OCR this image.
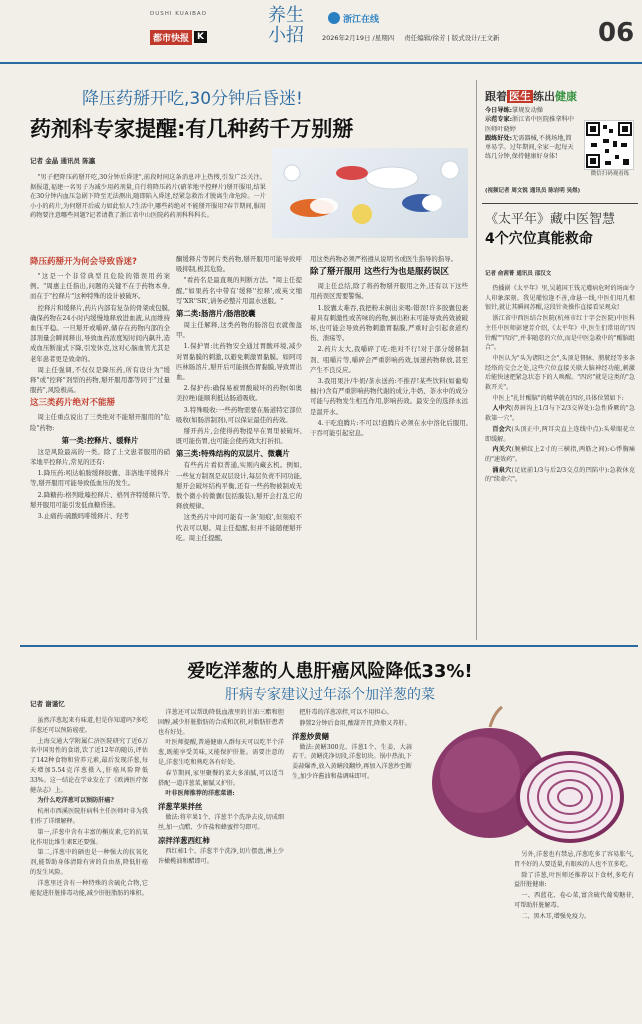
DUSHI KUAIBAO
都市快报 K
养生
小招
浙江在线
2026年2月19日 /星期四 责任编辑/徐芳 | 版式设计/王文新	06
降压药掰开吃,30分钟后昏迷!
药剂科专家提醒:有几种药千万别掰
记者 金晶 通讯员 陈瀛

"男子把降压药掰开吃,30分钟后昏迷",前段时间这条消息冲上热搜,引发广泛关注。据报道,福建一名男子为减少用药剂量,自行将降压药片(硝苯地平控释片)掰开服用,结果在30分钟内血压急剧下降至无法测出,随即陷入昏迷,经紧急救治才脱离生命危险。一片小小的药片,为何掰开后威力如此惊人?生活中,哪些药绝对不能掰开服用?春节期间,服用药物要注意哪些问题?记者请教了浙江省中山医院药药剂科科科长。

降压药掰开为何会导致昏迷?

"这是一个非常典型且危险的错误用药案例。"周惠主任指出,问题的关键不在于药物本身,而在于"控释片"这种特殊的设计被破坏。

控释片和缓释片,药片内部有复杂的骨架或包膜,确保药物在24小时内缓慢地释放进血液,从而维持血压平稳。一旦掰开或嚼碎,储存在药物内部的全部剂量会瞬间释出,导致血药浓度短时间内飙升,造成血压断崖式下降,引发休克,这对心脑血管尤其是老年患者更是致命的。

周主任强调,不仅仅是降压药,所有设计为"缓释"或"控释"剂型的药物,掰开服用都等同于"过量服药",风险极高。

这三类药片绝对不能掰

周主任重点说出了三类绝对不能掰开服用的"危险"药物:

第一类:控释片、缓释片

这是风险最高的一类。除了上文患者服用的硝苯地平控释片,常见的还有:

1.降压药:吲达帕胺缓释胶囊、非洛地平缓释片等,掰开服用可能导致低血压的发生。

2.降糖药:格列吡嗪控释片、格列齐特缓释片等,掰开服用可能引发低血糖昏迷。

3.止痛药:硫酸吗啡缓释片、羟考

酮缓释片等阿片类药物,掰开服用可能导致呼吸抑制,极其危险。

"看药名是最直观的判断方法。"周主任提醒,"如果药名中带有'缓释''控释',或英文缩写'XR''SR',请务必整片用温水送服。"

第二类:肠溶片/肠溶胶囊

周主任解释,这类药物的肠溶包衣就像盔甲。

1.保护胃:比药物安全通过胃酸环境,减少对胃黏膜的刺激,以避免刺激胃黏膜。如阿司匹林肠溶片,掰开后可能损伤胃黏膜,导致胃出血。

2.保护药:确保易被胃酸破坏的药物(如奥美拉唑)能顺利抵达肠道吸收。

3.特殊吸收:一些药物需要在肠道特定部位吸收(如肠溶制剂),可以保证最佳的药效。

掰开药片,会使得药物提早在胃里被破坏,既可能伤胃,也可能会使药效大打折扣。

第三类:特殊结构的双层片、微囊片

有些药片看似普通,实则内藏玄机。例如,一些复方制剂是双层设计,每层负责不同功能,掰开会破坏结构平衡,还有一些药物被制成无数个微小的微囊(包括膜装),掰开会打乱它的释放规律。

这类药片中间可能有一条'刻痕',但刻痕不代表可以掰。周主任提醒,但并不能随便掰开吃。周主任提醒,

用这类药物必须严格遵从说明书或医生指导的指导。

除了掰开服用 这些行为也是服药误区

周主任总结,除了将药物掰开服用之外,还有以下这些用药误区需要警惕。

1.胶囊太难吞,我把粉末倒出来喝:错误!许多胶囊包裹着具有刺激性或苦味的药物,倒出粉末可能导致药效被破坏,也可能会导致药物刺激胃黏膜,严重时会引起食道灼伤、溃疡等。

2.药片太大,我嚼碎了吃:绝对不行!对于部分缓释制剂、咀嚼片等,嚼碎会严重影响药效,加速药物释放,甚至产生不良反应。

3.我用果汁/牛奶/茶水送药:不推荐!某些饮料(如葡萄柚汁)含有严重影响药物代谢的成分,牛奶、茶水中的成分可能与药物发生相互作用,影响药效。最安全的选择永远是温开水。

4.干吃泡腾片:不可以!泡腾片必须在水中溶化后服用,干吞可能引起窒息。

跟着 医生 练出健康
今日导练:掌规发动操
示范专家:浙江省中医院推拿科中医师叶晓婷
跟练好处:无需器械,不挑场地,简单易学。过年期间,全家一起每天练几分钟,保持健康好身体!
微信扫码观看练
(视频记者 周文锐 通讯员 陈岩明 吴煜)
《太平年》藏中医智慧
4个穴位真能救命
记者 俞茜菁 通讯员 邵汉文

热播剧《太平年》里,吴越国王钱元瓘病危时的场面令人印象深刻。我见瓘惊逢不善,命悬一线,中医们用几根银针,就让其瞬间苏醒,这段针灸操作直接看呆观众!

浙江省中西医结合医院(杭州市红十字会医院)中医科主任中医师彭建芳介绍,《太平年》中,医生们常用的"四针醒""四窍",并非随意的穴位,而是中医急救中的"醒脑组合"。

中医认为"头为诸阳之会",头顶是督脉、膀胱经等多条经络的交会之处,这些穴位直接关联大脑神经功能,刺激后能快速把紧急状态下的人唤醒。"四窍"就是这类的"急救开关"。

中医上"扎针醒脑"的精华就在四窍,具体位置如下:

人中穴(鼻唇沟上1/3与下2/3交界处):急性昏厥的"急救第一穴"。

百会穴(头顶正中,两耳尖直上连线中点):头晕眼花立即缓解。

内关穴(腕横纹上2寸的三横指,两筋之间):心悸胸痛的"速效药"。

涌泉穴(足底前1/3与后2/3交点的凹陷中):急救休克的"续命穴"。

爱吃洋葱的人患肝癌风险降低33%!
肝病专家建议过年添个加洋葱的菜
记者 谢谨忆

虽然洋葱起来有味道,但是你知道吗?多吃洋葱还可以预防癌症。

上海交通大学附属仁济医院研究了近6万名中国男性的食谱,饮了近12年的随访,评估了142种食物和营养元素,最后发现洋葱,每天增加5.54克洋葱摄入,肝癌风险降低33%。这一结论在学业发在了《欧洲医疗保健杂志》上。

为什么吃洋葱可以预防肝癌?

杭州市西溪医院肝病科主任医师叶非为我们作了详细解释。

第一,洋葱中含有丰富的槲皮素,它的抗氧化作用比维生素E还要强。

第二,洋葱中的硒也是一种强大的抗氧化剂,能帮助身体清除有害的自由基,降低肝癌的发生风险。

洋葱里还含有一种特殊的含硫化合物,它能促进肝脏排毒功能,减少肝脏脂肪的堆积。

洋葱还可以帮助降低血液里的甘油三酯和胆固醇,减少肝脏脂肪的合成和沉积,对脂肪肝患者也有好处。

叶医师提醒,普通健康人群每天可以吃半个洋葱,既能享受美味,又能保护肝脏。需要注意的是,洋葱生吃和熟吃各有好处。

春节期间,家里聚餐的菜大多油腻,可以适当搭配一道洋葱菜,解腻又护肝。

叶非医师推荐的洋葱菜谱:

洋葱苹果拌丝

做法:将苹果1个、洋葱半个洗净去皮,切成细丝,加一点醋、少许盐和蜂蜜拌匀即可。

凉拌洋葱西红柿

西红柿1个、洋葱半个洗净,切片摆盘,淋上少许橄榄油和醋即可。

把肝毒的洋葱凉拌,可以不用担心。

静置2分钟后食用,酸甜开胃,降脂又养肝。

洋葱炒黄鳝

做法:黄鳝300克、洋葱1个、生姜、大蒜若干。黄鳝洗净切段,洋葱切块。锅中热油,下姜蒜爆香,放入黄鳝段翻炒,再加入洋葱炒至断生,加少许酱油和盐调味即可。

另外,洋葱也有禁忌,洋葱吃多了容易胀气,胃不好的人要适量,有眼疾的人也不宜多吃。

除了洋葱,叶医师还推荐以下食材,多吃有益肝脏健康:

一、西蓝花、卷心菜,富含硫代葡萄糖苷,可帮助肝脏解毒。

二、黑木耳,增强免疫力。
